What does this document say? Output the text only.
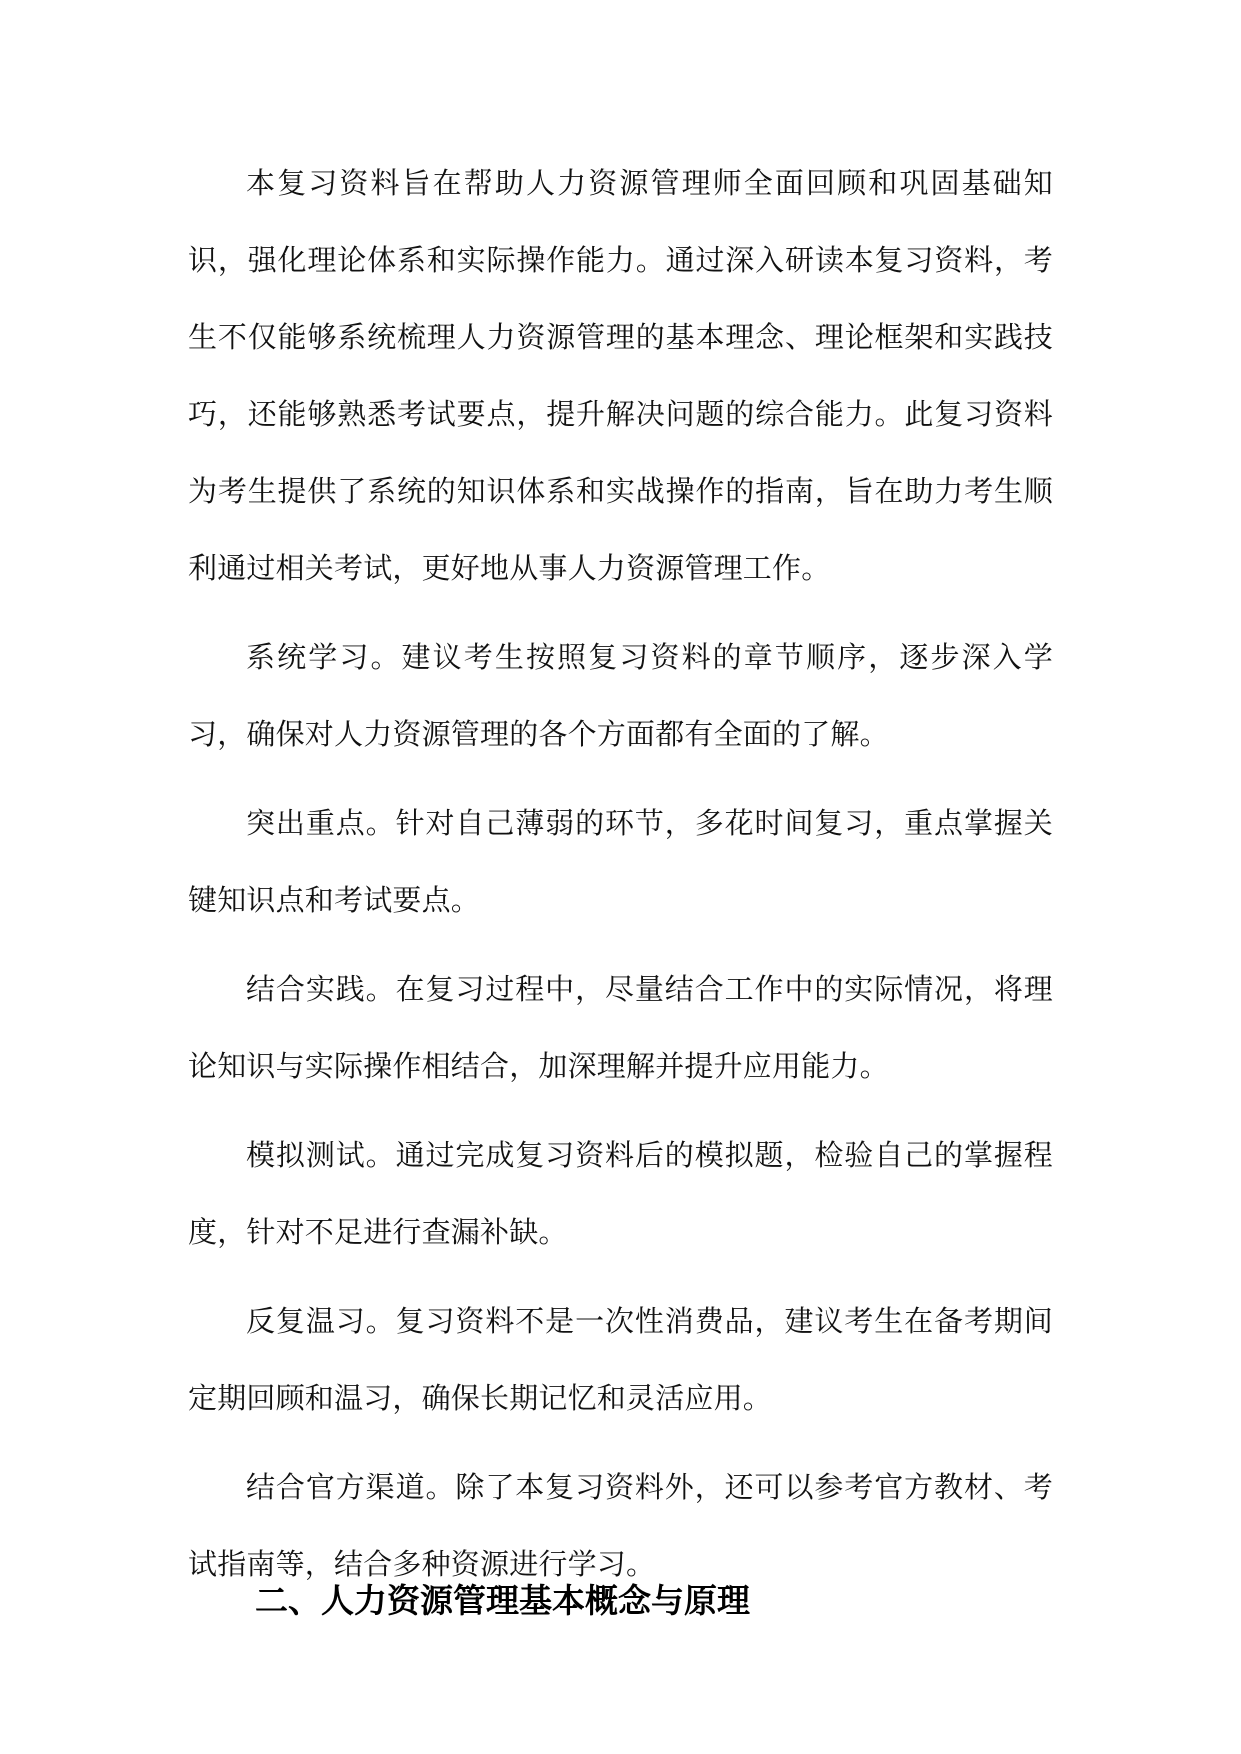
本复习资料旨在帮助人力资源管理师全面回顾和巩固基础知识，强化理论体系和实际操作能力。通过深入研读本复习资料，考生不仅能够系统梳理人力资源管理的基本理念、理论框架和实践技巧，还能够熟悉考试要点，提升解决问题的综合能力。此复习资料为考生提供了系统的知识体系和实战操作的指南，旨在助力考生顺利通过相关考试，更好地从事人力资源管理工作。

系统学习。建议考生按照复习资料的章节顺序，逐步深入学习，确保对人力资源管理的各个方面都有全面的了解。

突出重点。针对自己薄弱的环节，多花时间复习，重点掌握关键知识点和考试要点。

结合实践。在复习过程中，尽量结合工作中的实际情况，将理论知识与实际操作相结合，加深理解并提升应用能力。

模拟测试。通过完成复习资料后的模拟题，检验自己的掌握程度，针对不足进行查漏补缺。

反复温习。复习资料不是一次性消费品，建议考生在备考期间定期回顾和温习，确保长期记忆和灵活应用。

结合官方渠道。除了本复习资料外，还可以参考官方教材、考试指南等，结合多种资源进行学习。

二、人力资源管理基本概念与原理
